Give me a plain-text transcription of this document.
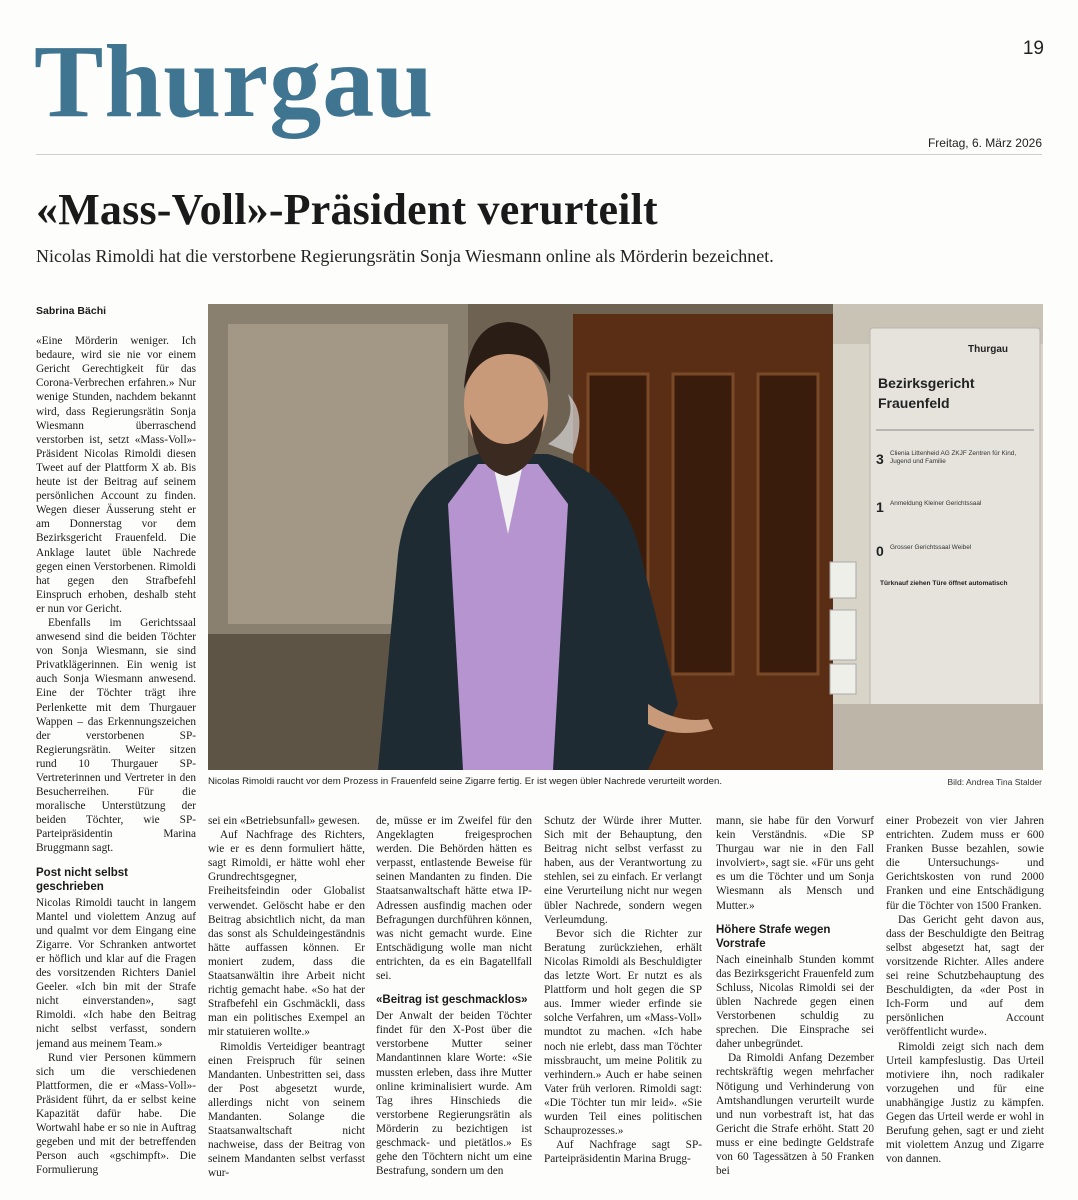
Thurgau	19
Freitag, 6. März 2026
«Mass-Voll»-Präsident verurteilt
Nicolas Rimoldi hat die verstorbene Regierungsrätin Sonja Wiesmann online als Mörderin bezeichnet.
Sabrina Bächi

«Eine Mörderin weniger. Ich bedaure, wird sie nie vor einem Gericht Gerechtigkeit für das Corona-Verbrechen erfahren.» Nur wenige Stunden, nachdem bekannt wird, dass Regierungsrätin Sonja Wiesmann überraschend verstorben ist, setzt «Mass-Voll»-Präsident Nicolas Rimoldi diesen Tweet auf der Plattform X ab. Bis heute ist der Beitrag auf seinem persönlichen Account zu finden. Wegen dieser Äusserung steht er am Donnerstag vor dem Bezirksgericht Frauenfeld. Die Anklage lautet üble Nachrede gegen einen Verstorbenen. Rimoldi hat gegen den Strafbefehl Einspruch erhoben, deshalb steht er nun vor Gericht.

Ebenfalls im Gerichtssaal anwesend sind die beiden Töchter von Sonja Wiesmann, sie sind Privatklägerinnen. Ein wenig ist auch Sonja Wiesmann anwesend. Eine der Töchter trägt ihre Perlenkette mit dem Thurgauer Wappen – das Erkennungszeichen der verstorbenen SP-Regierungsrätin. Weiter sitzen rund 10 Thurgauer SP-Vertreterinnen und Vertreter in den Besucherreihen. Für die moralische Unterstützung der beiden Töchter, wie SP-Parteipräsidentin Marina Bruggmann sagt.

Post nicht selbst geschrieben

Nicolas Rimoldi taucht in langem Mantel und violettem Anzug auf und qualmt vor dem Eingang eine Zigarre. Vor Schranken antwortet er höflich und klar auf die Fragen des vorsitzenden Richters Daniel Geeler. «Ich bin mit der Strafe nicht einverstanden», sagt Rimoldi. «Ich habe den Beitrag nicht selbst verfasst, sondern jemand aus meinem Team.»

Rund vier Personen kümmern sich um die verschiedenen Plattformen, die er «Mass-Voll»-Präsident führt, da er selbst keine Kapazität dafür habe. Die Wortwahl habe er so nie in Auftrag gegeben und mit der betreffenden Person auch «gschimpft». Die Formulierung

Thurgau
Bezirksgericht
Frauenfeld
3 Clienia Littenheid AG ZKJF Zentren für Kind, Jugend und Familie
1 Anmeldung Kleiner Gerichtssaal
0 Grosser Gerichtssaal Weibel
Türknauf ziehen Türe öffnet automatisch
Nicolas Rimoldi raucht vor dem Prozess in Frauenfeld seine Zigarre fertig. Er ist wegen übler Nachrede verurteilt worden.	Bild: Andrea Tina Stalder

sei ein «Betriebsunfall» gewesen.

Auf Nachfrage des Richters, wie er es denn formuliert hätte, sagt Rimoldi, er hätte wohl eher Grundrechtsgegner, Freiheitsfeindin oder Globalist verwendet. Gelöscht habe er den Beitrag absichtlich nicht, da man das sonst als Schuldeingeständnis hätte auffassen können. Er moniert zudem, dass die Staatsanwältin ihre Arbeit nicht richtig gemacht habe. «So hat der Strafbefehl ein Gschmäckli, dass man ein politisches Exempel an mir statuieren wollte.»

Rimoldis Verteidiger beantragt einen Freispruch für seinen Mandanten. Unbestritten sei, dass der Post abgesetzt wurde, allerdings nicht von seinem Mandanten. Solange die Staatsanwaltschaft nicht nachweise, dass der Beitrag von seinem Mandanten selbst verfasst wur-

de, müsse er im Zweifel für den Angeklagten freigesprochen werden. Die Behörden hätten es verpasst, entlastende Beweise für seinen Mandanten zu finden. Die Staatsanwaltschaft hätte etwa IP-Adressen ausfindig machen oder Befragungen durchführen können, was nicht gemacht wurde. Eine Entschädigung wolle man nicht entrichten, da es ein Bagatellfall sei.

«Beitrag ist geschmacklos»

Der Anwalt der beiden Töchter findet für den X-Post über die verstorbene Mutter seiner Mandantinnen klare Worte: «Sie mussten erleben, dass ihre Mutter online kriminalisiert wurde. Am Tag ihres Hinschieds die verstorbene Regierungsrätin als Mörderin zu bezichtigen ist geschmack- und pietätlos.» Es gehe den Töchtern nicht um eine Bestrafung, sondern um den

Schutz der Würde ihrer Mutter. Sich mit der Behauptung, den Beitrag nicht selbst verfasst zu haben, aus der Verantwortung zu stehlen, sei zu einfach. Er verlangt eine Verurteilung nicht nur wegen übler Nachrede, sondern wegen Verleumdung.

Bevor sich die Richter zur Beratung zurückziehen, erhält Nicolas Rimoldi als Beschuldigter das letzte Wort. Er nutzt es als Plattform und holt gegen die SP aus. Immer wieder erfinde sie solche Verfahren, um «Mass-Voll» mundtot zu machen. «Ich habe noch nie erlebt, dass man Töchter missbraucht, um meine Politik zu verhindern.» Auch er habe seinen Vater früh verloren. Rimoldi sagt: «Die Töchter tun mir leid». «Sie wurden Teil eines politischen Schauprozesses.»

Auf Nachfrage sagt SP-Parteipräsidentin Marina Brugg-

mann, sie habe für den Vorwurf kein Verständnis. «Die SP Thurgau war nie in den Fall involviert», sagt sie. «Für uns geht es um die Töchter und um Sonja Wiesmann als Mensch und Mutter.»

Höhere Strafe wegen Vorstrafe

Nach eineinhalb Stunden kommt das Bezirksgericht Frauenfeld zum Schluss, Nicolas Rimoldi sei der üblen Nachrede gegen einen Verstorbenen schuldig zu sprechen. Die Einsprache sei daher unbegründet.

Da Rimoldi Anfang Dezember rechtskräftig wegen mehrfacher Nötigung und Verhinderung von Amtshandlungen verurteilt wurde und nun vorbestraft ist, hat das Gericht die Strafe erhöht. Statt 20 muss er eine bedingte Geldstrafe von 60 Tagessätzen à 50 Franken bei

einer Probezeit von vier Jahren entrichten. Zudem muss er 600 Franken Busse bezahlen, sowie die Untersuchungs- und Gerichtskosten von rund 2000 Franken und eine Entschädigung für die Töchter von 1500 Franken.

Das Gericht geht davon aus, dass der Beschuldigte den Beitrag selbst abgesetzt hat, sagt der vorsitzende Richter. Alles andere sei reine Schutzbehauptung des Beschuldigten, da «der Post in Ich-Form und auf dem persönlichen Account veröffentlicht wurde».

Rimoldi zeigt sich nach dem Urteil kampfeslustig. Das Urteil motiviere ihn, noch radikaler vorzugehen und für eine unabhängige Justiz zu kämpfen. Gegen das Urteil werde er wohl in Berufung gehen, sagt er und zieht mit violettem Anzug und Zigarre von dannen.
